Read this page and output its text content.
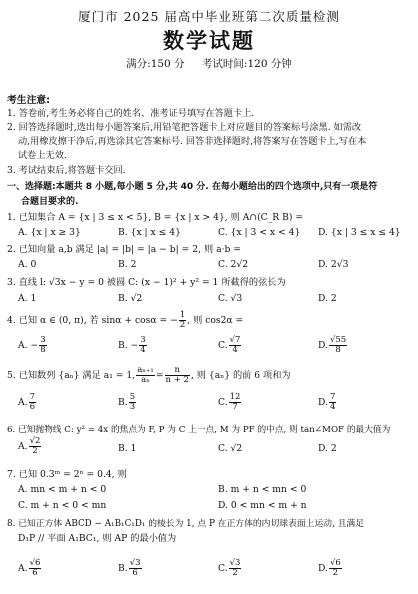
厦门市 2025 届高中毕业班第二次质量检测
数学试题
满分:150 分 考试时间:120 分钟
考生注意:
1. 答卷前,考生务必将自己的姓名、准考证号填写在答题卡上.
2. 回答选择题时,选出每小题答案后,用铅笔把答题卡上对应题目的答案标号涂黑. 如需改
动,用橡皮擦干净后,再选涂其它答案标号. 回答非选择题时,将答案写在答题卡上,写在本
试卷上无效.
3. 考试结束后,将答题卡交回.
一、选择题:本题共 8 小题,每小题 5 分,共 40 分. 在每小题给出的四个选项中,只有一项是符
合题目要求的.
1. 已知集合 A = {x | 3 ≤ x < 5}, B = {x | x > 4}, 则 A∩(C_R B) =
A. {x | x ≥ 3}	B. {x | x ≤ 4}	C. {x | 3 < x < 4} D. {x | 3 ≤ x ≤ 4}
2. 已知向量 a,b 满足 |a| = |b| = |a − b| = 2, 则 a·b =
A. 0	B. 2	C. 2√2	D. 2√3
3. 直线 l: √3x − y = 0 被圆 C: (x − 1)² + y² = 1 所截得的弦长为
A. 1	B. √2	C. √3	D. 2
4. 已知 α ∈ (0, π), 若 sinα + cosα = − $\frac{1}{2}$ , 则 cos2α =
A. − $\frac{3}{8}$	B. − $\frac{3}{4}$	C. $\frac{√7}{4}$	D. $\frac{√55}{8}$
5. 已知数列 {aₙ} 满足 a₁ = 1, $\frac{\text{aₙ₊₁}}{\text{aₙ}} = \frac{n}{n + 2}$ , 则 {aₙ} 的前 6 项和为
A. $\frac{7}{6}$	B. $\frac{5}{3}$	C. $\frac{12}{7}$	D. $\frac{7}{4}$
6. 已知抛物线 C: y² = 4x 的焦点为 F, P 为 C 上一点, M 为 PF 的中点, 则 tan∠MOF 的最大值为
A. $\frac{√2}{2}$	B. 1	C. √2	D. 2
7. 已知 0.3ᵐ = 2ⁿ = 0.4, 则
A. mn < m + n < 0	B. m + n < mn < 0
C. m + n < 0 < mn	D. 0 < mn < m + n
8. 已知正方体 ABCD − A₁B₁C₁D₁ 的棱长为 1, 点 P 在正方体的内切球表面上运动, 且满足
D₁P // 平面 A₁BC₁, 则 AP 的最小值为
A. $\frac{√6}{6}$	B. $\frac{√3}{6}$	C. $\frac{√3}{2}$	D. $\frac{√6}{2}$
